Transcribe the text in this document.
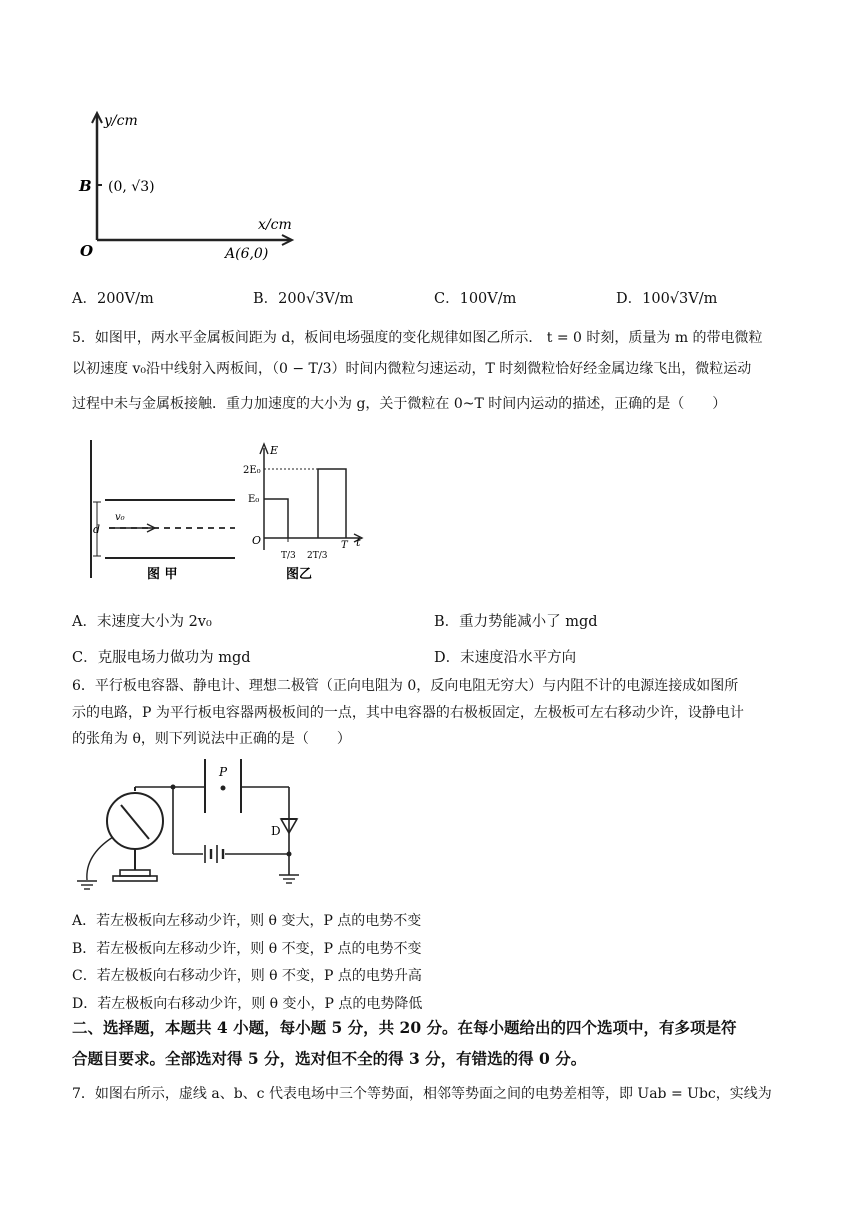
y/cm
x/cm
O
B (0, √3)
A(6,0)
A．200V/m	B．200√3V/m	C．100V/m	D．100√3V/m
5．如图甲，两水平金属板间距为 d，板间电场强度的变化规律如图乙所示． t = 0 时刻，质量为 m 的带电微粒
以初速度 v₀沿中线射入两板间，（0 − T/3）时间内微粒匀速运动，T 时刻微粒恰好经金属边缘飞出，微粒运动
过程中未与金属板接触．重力加速度的大小为 g，关于微粒在 0~T 时间内运动的描述，正确的是（　　）
v₀
d
图 甲
E
t
2E₀
E₀
O
T/3 2T/3
T
图乙
A．末速度大小为 2v₀	B．重力势能减小了 mgd
C．克服电场力做功为 mgd	D．末速度沿水平方向
6．平行板电容器、静电计、理想二极管（正向电阻为 0，反向电阻无穷大）与内阻不计的电源连接成如图所
示的电路，P 为平行板电容器两极板间的一点，其中电容器的右极板固定，左极板可左右移动少许，设静电计
的张角为 θ，则下列说法中正确的是（　　）
P
D
A．若左极板向左移动少许，则 θ 变大，P 点的电势不变
B．若左极板向左移动少许，则 θ 不变，P 点的电势不变
C．若左极板向右移动少许，则 θ 不变，P 点的电势升高
D．若左极板向右移动少许，则 θ 变小，P 点的电势降低
二、选择题，本题共 4 小题，每小题 5 分，共 20 分。在每小题给出的四个选项中，有多项是符
合题目要求。全部选对得 5 分，选对但不全的得 3 分，有错选的得 0 分。
7．如图右所示，虚线 a、b、c 代表电场中三个等势面，相邻等势面之间的电势差相等，即 Uab = Ubc，实线为
